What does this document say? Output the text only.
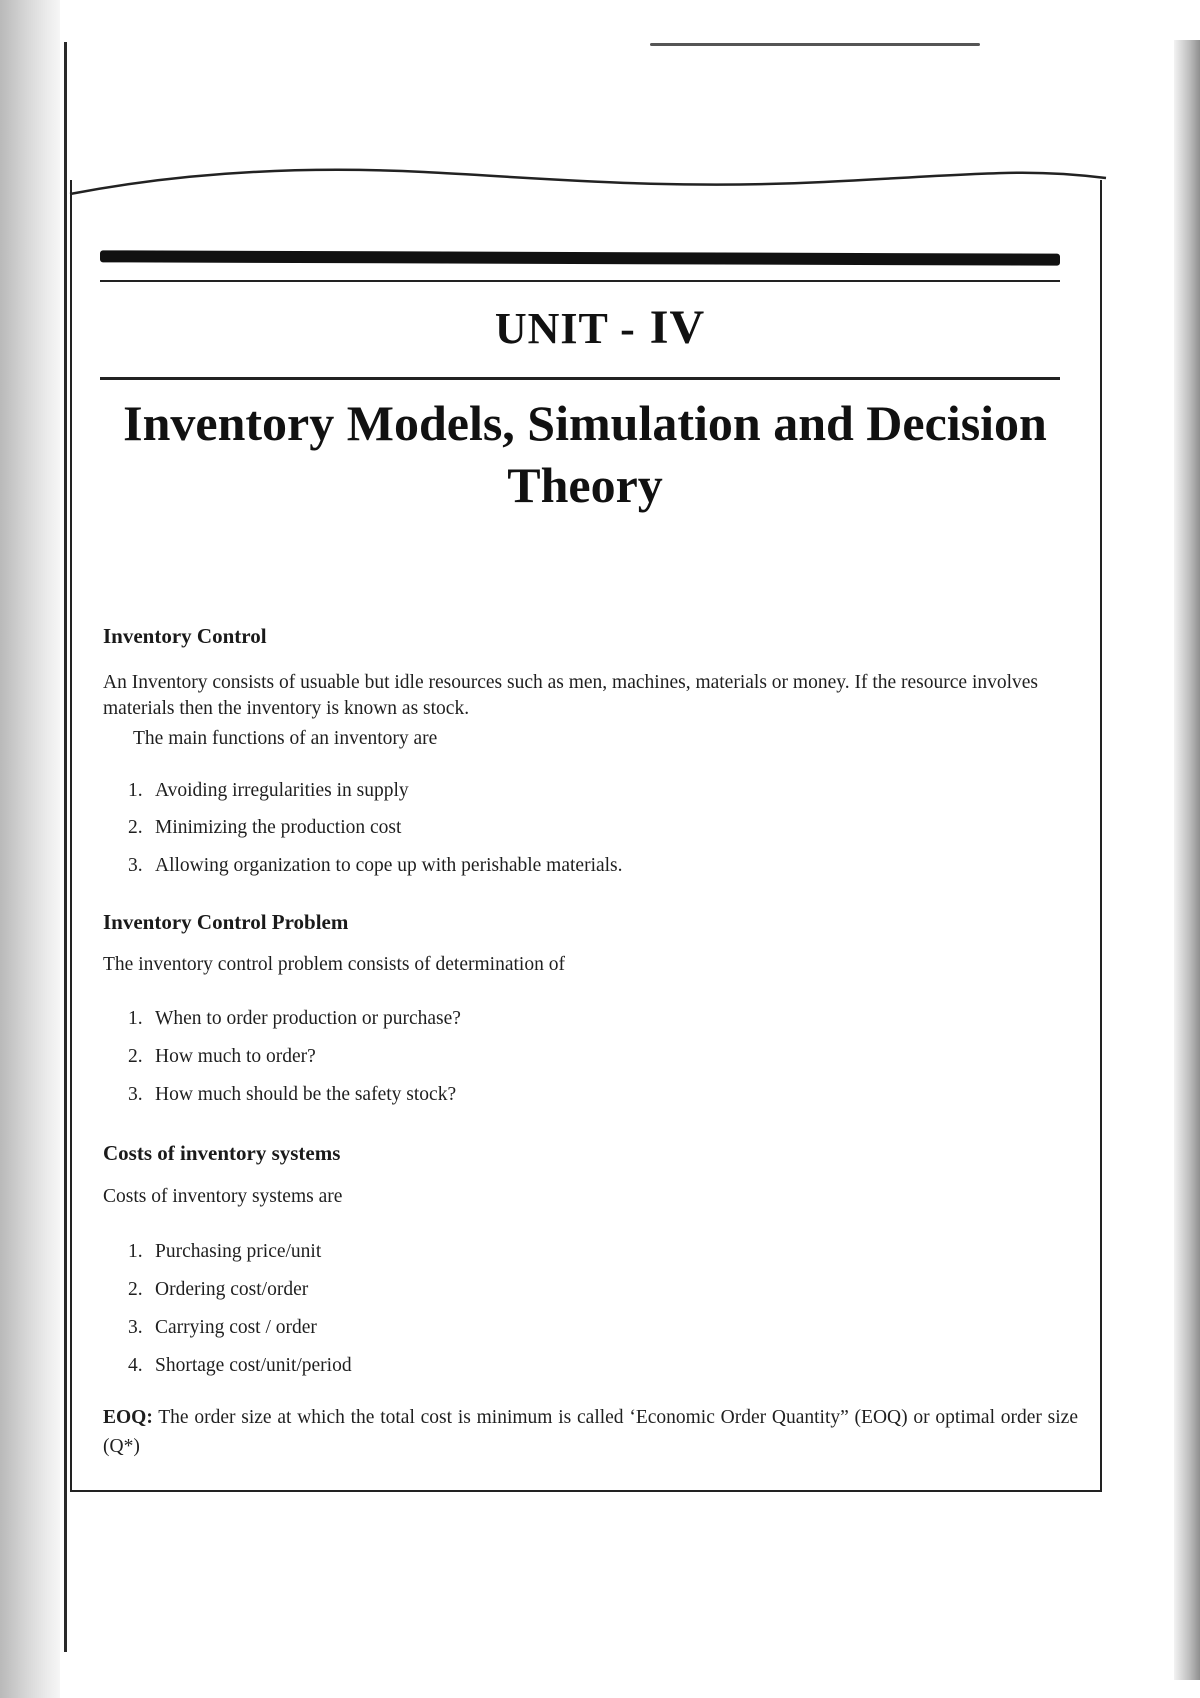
UNIT - IV
Inventory Models, Simulation and Decision Theory
Inventory Control
An Inventory consists of usuable but idle resources such as men, machines, materials or money. If the resource involves materials then the inventory is known as stock.
The main functions of an inventory are
1. Avoiding irregularities in supply
2. Minimizing the production cost
3. Allowing organization to cope up with perishable materials.
Inventory Control Problem
The inventory control problem consists of determination of
1. When to order production or purchase?
2. How much to order?
3. How much should be the safety stock?
Costs of inventory systems
Costs of inventory systems are
1. Purchasing price/unit
2. Ordering cost/order
3. Carrying cost / order
4. Shortage cost/unit/period
EOQ: The order size at which the total cost is minimum is called ‘Economic Order Quantity” (EOQ) or optimal order size (Q*)
